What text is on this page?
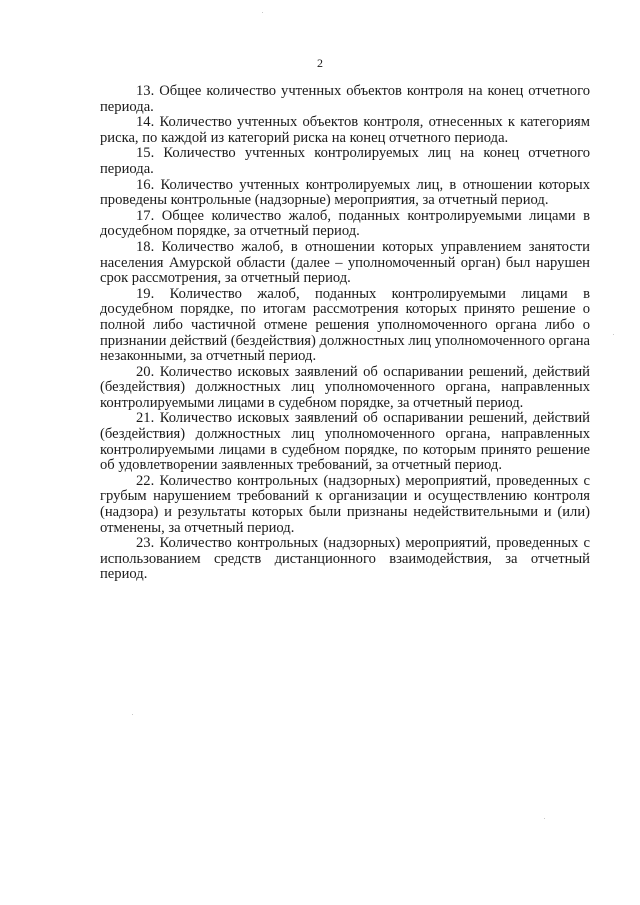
2

13. Общее количество учтенных объектов контроля на конец отчетного периода.

14. Количество учтенных объектов контроля, отнесенных к категориям риска, по каждой из категорий риска на конец отчетного периода.

15. Количество учтенных контролируемых лиц на конец отчетного периода.

16. Количество учтенных контролируемых лиц, в отношении которых проведены контрольные (надзорные) мероприятия, за отчетный период.

17. Общее количество жалоб, поданных контролируемыми лицами в досудебном порядке, за отчетный период.

18. Количество жалоб, в отношении которых управлением занятости населения Амурской области (далее – уполномоченный орган) был нарушен срок рассмотрения, за отчетный период.

19. Количество жалоб, поданных контролируемыми лицами в досудебном порядке, по итогам рассмотрения которых принято решение о полной либо частичной отмене решения уполномоченного органа либо о признании действий (бездействия) должностных лиц уполномоченного органа незаконными, за отчетный период.

20. Количество исковых заявлений об оспаривании решений, действий (бездействия) должностных лиц уполномоченного органа, направленных контролируемыми лицами в судебном порядке, за отчетный период.

21. Количество исковых заявлений об оспаривании решений, действий (бездействия) должностных лиц уполномоченного органа, направленных контролируемыми лицами в судебном порядке, по которым принято решение об удовлетворении заявленных требований, за отчетный период.

22. Количество контрольных (надзорных) мероприятий, проведенных с грубым нарушением требований к организации и осуществлению контроля (надзора) и результаты которых были признаны недействительными и (или) отменены, за отчетный период.

23. Количество контрольных (надзорных) мероприятий, проведенных с использованием средств дистанционного взаимодействия, за отчетный период.
